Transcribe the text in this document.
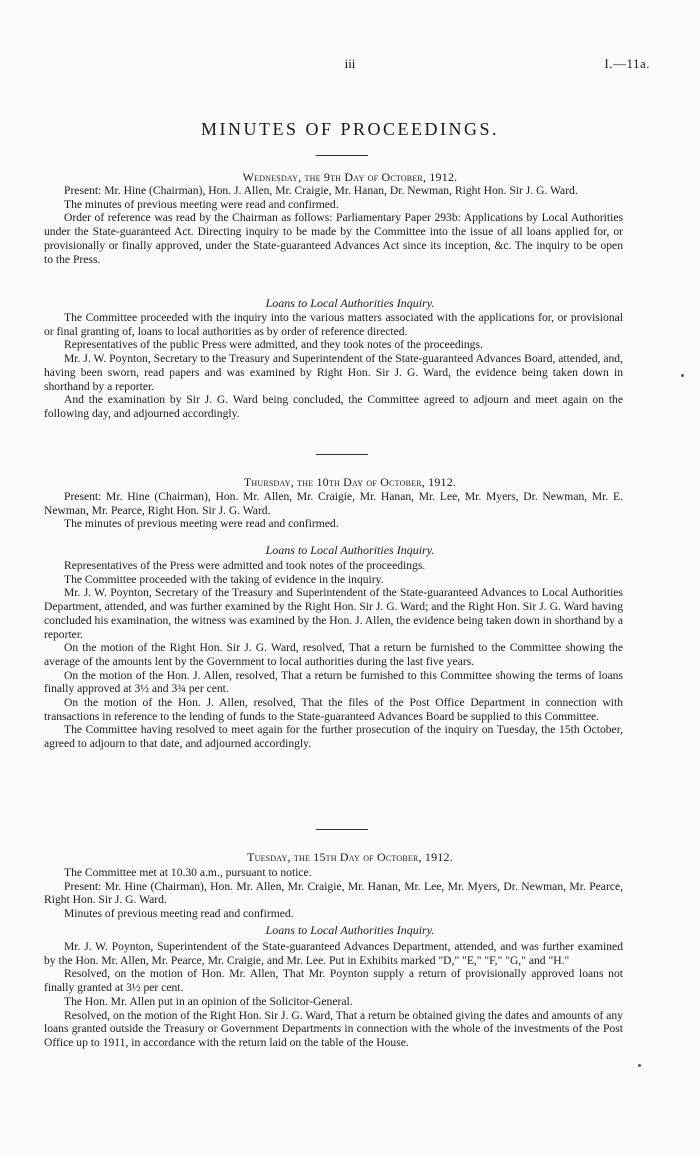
iii	I.—11a.
MINUTES OF PROCEEDINGS.
Wednesday, the 9th Day of October, 1912.

Present: Mr. Hine (Chairman), Hon. J. Allen, Mr. Craigie, Mr. Hanan, Dr. Newman, Right Hon. Sir J. G. Ward.

The minutes of previous meeting were read and confirmed.

Order of reference was read by the Chairman as follows: Parliamentary Paper 293b: Applications by Local Authorities under the State-guaranteed Act. Directing inquiry to be made by the Committee into the issue of all loans applied for, or provisionally or finally approved, under the State-guaranteed Advances Act since its inception, &c. The inquiry to be open to the Press.

Loans to Local Authorities Inquiry.

The Committee proceeded with the inquiry into the various matters associated with the applications for, or provisional or final granting of, loans to local authorities as by order of reference directed.

Representatives of the public Press were admitted, and they took notes of the proceedings.

Mr. J. W. Poynton, Secretary to the Treasury and Superintendent of the State-guaranteed Advances Board, attended, and, having been sworn, read papers and was examined by Right Hon. Sir J. G. Ward, the evidence being taken down in shorthand by a reporter.

And the examination by Sir J. G. Ward being concluded, the Committee agreed to adjourn and meet again on the following day, and adjourned accordingly.

Thursday, the 10th Day of October, 1912.

Present: Mr. Hine (Chairman), Hon. Mr. Allen, Mr. Craigie, Mr. Hanan, Mr. Lee, Mr. Myers, Dr. Newman, Mr. E. Newman, Mr. Pearce, Right Hon. Sir J. G. Ward.

The minutes of previous meeting were read and confirmed.

Loans to Local Authorities Inquiry.

Representatives of the Press were admitted and took notes of the proceedings.

The Committee proceeded with the taking of evidence in the inquiry.

Mr. J. W. Poynton, Secretary of the Treasury and Superintendent of the State-guaranteed Advances to Local Authorities Department, attended, and was further examined by the Right Hon. Sir J. G. Ward; and the Right Hon. Sir J. G. Ward having concluded his examination, the witness was examined by the Hon. J. Allen, the evidence being taken down in shorthand by a reporter.

On the motion of the Right Hon. Sir J. G. Ward, resolved, That a return be furnished to the Committee showing the average of the amounts lent by the Government to local authorities during the last five years.

On the motion of the Hon. J. Allen, resolved, That a return be furnished to this Committee showing the terms of loans finally approved at 3½ and 3¾ per cent.

On the motion of the Hon. J. Allen, resolved, That the files of the Post Office Department in connection with transactions in reference to the lending of funds to the State-guaranteed Advances Board be supplied to this Committee.

The Committee having resolved to meet again for the further prosecution of the inquiry on Tuesday, the 15th October, agreed to adjourn to that date, and adjourned accordingly.

Tuesday, the 15th Day of October, 1912.

The Committee met at 10.30 a.m., pursuant to notice.

Present: Mr. Hine (Chairman), Hon. Mr. Allen, Mr. Craigie, Mr. Hanan, Mr. Lee, Mr. Myers, Dr. Newman, Mr. Pearce, Right Hon. Sir J. G. Ward.

Minutes of previous meeting read and confirmed.

Loans to Local Authorities Inquiry.

Mr. J. W. Poynton, Superintendent of the State-guaranteed Advances Department, attended, and was further examined by the Hon. Mr. Allen, Mr. Pearce, Mr. Craigie, and Mr. Lee. Put in Exhibits marked "D," "E," "F," "G," and "H."

Resolved, on the motion of Hon. Mr. Allen, That Mr. Poynton supply a return of provisionally approved loans not finally granted at 3½ per cent.

The Hon. Mr. Allen put in an opinion of the Solicitor-General.

Resolved, on the motion of the Right Hon. Sir J. G. Ward, That a return be obtained giving the dates and amounts of any loans granted outside the Treasury or Government Departments in connection with the whole of the investments of the Post Office up to 1911, in accordance with the return laid on the table of the House.
